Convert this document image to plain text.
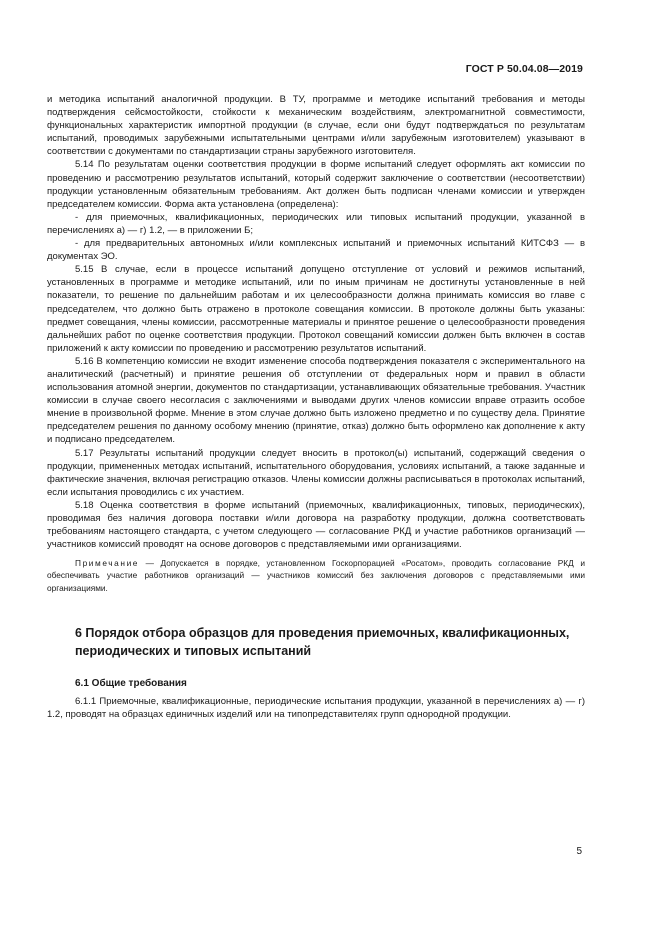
ГОСТ Р 50.04.08—2019

и методика испытаний аналогичной продукции. В ТУ, программе и методике испытаний требования и методы подтверждения сейсмостойкости, стойкости к механическим воздействиям, электромагнитной совместимости, функциональных характеристик импортной продукции (в случае, если они будут подтверждаться по результатам испытаний, проводимых зарубежными испытательными центрами и/или зарубежным изготовителем) указывают в соответствии с документами по стандартизации страны зарубежного изготовителя.

5.14 По результатам оценки соответствия продукции в форме испытаний следует оформлять акт комиссии по проведению и рассмотрению результатов испытаний, который содержит заключение о соответствии (несоответствии) продукции установленным обязательным требованиям. Акт должен быть подписан членами комиссии и утвержден председателем комиссии. Форма акта установлена (определена):

- для приемочных, квалификационных, периодических или типовых испытаний продукции, указанной в перечислениях а) — г) 1.2, — в приложении Б;

- для предварительных автономных и/или комплексных испытаний и приемочных испытаний КИТСФЗ — в документах ЭО.

5.15 В случае, если в процессе испытаний допущено отступление от условий и режимов испытаний, установленных в программе и методике испытаний, или по иным причинам не достигнуты установленные в ней показатели, то решение по дальнейшим работам и их целесообразности должна принимать комиссия во главе с председателем, что должно быть отражено в протоколе совещания комиссии. В протоколе должны быть указаны: предмет совещания, члены комиссии, рассмотренные материалы и принятое решение о целесообразности проведения дальнейших работ по оценке соответствия продукции. Протокол совещаний комиссии должен быть включен в состав приложений к акту комиссии по проведению и рассмотрению результатов испытаний.

5.16 В компетенцию комиссии не входит изменение способа подтверждения показателя с экспериментального на аналитический (расчетный) и принятие решения об отступлении от федеральных норм и правил в области использования атомной энергии, документов по стандартизации, устанавливающих обязательные требования. Участник комиссии в случае своего несогласия с заключениями и выводами других членов комиссии вправе отразить особое мнение в произвольной форме. Мнение в этом случае должно быть изложено предметно и по существу дела. Принятие председателем решения по данному особому мнению (принятие, отказ) должно быть оформлено как дополнение к акту и подписано председателем.

5.17 Результаты испытаний продукции следует вносить в протокол(ы) испытаний, содержащий сведения о продукции, примененных методах испытаний, испытательного оборудования, условиях испытаний, а также заданные и фактические значения, включая регистрацию отказов. Члены комиссии должны расписываться в протоколах испытаний, если испытания проводились с их участием.

5.18 Оценка соответствия в форме испытаний (приемочных, квалификационных, типовых, периодических), проводимая без наличия договора поставки и/или договора на разработку продукции, должна соответствовать требованиям настоящего стандарта, с учетом следующего — согласование РКД и участие работников организаций — участников комиссий проводят на основе договоров с представляемыми ими организациями.

Примечание — Допускается в порядке, установленном Госкорпорацией «Росатом», проводить согласование РКД и обеспечивать участие работников организаций — участников комиссий без заключения договоров с представляемыми ими организациями.

6 Порядок отбора образцов для проведения приемочных, квалификационных, периодических и типовых испытаний
6.1 Общие требования

6.1.1 Приемочные, квалификационные, периодические испытания продукции, указанной в перечислениях а) — г) 1.2, проводят на образцах единичных изделий или на типопредставителях групп однородной продукции.

5
